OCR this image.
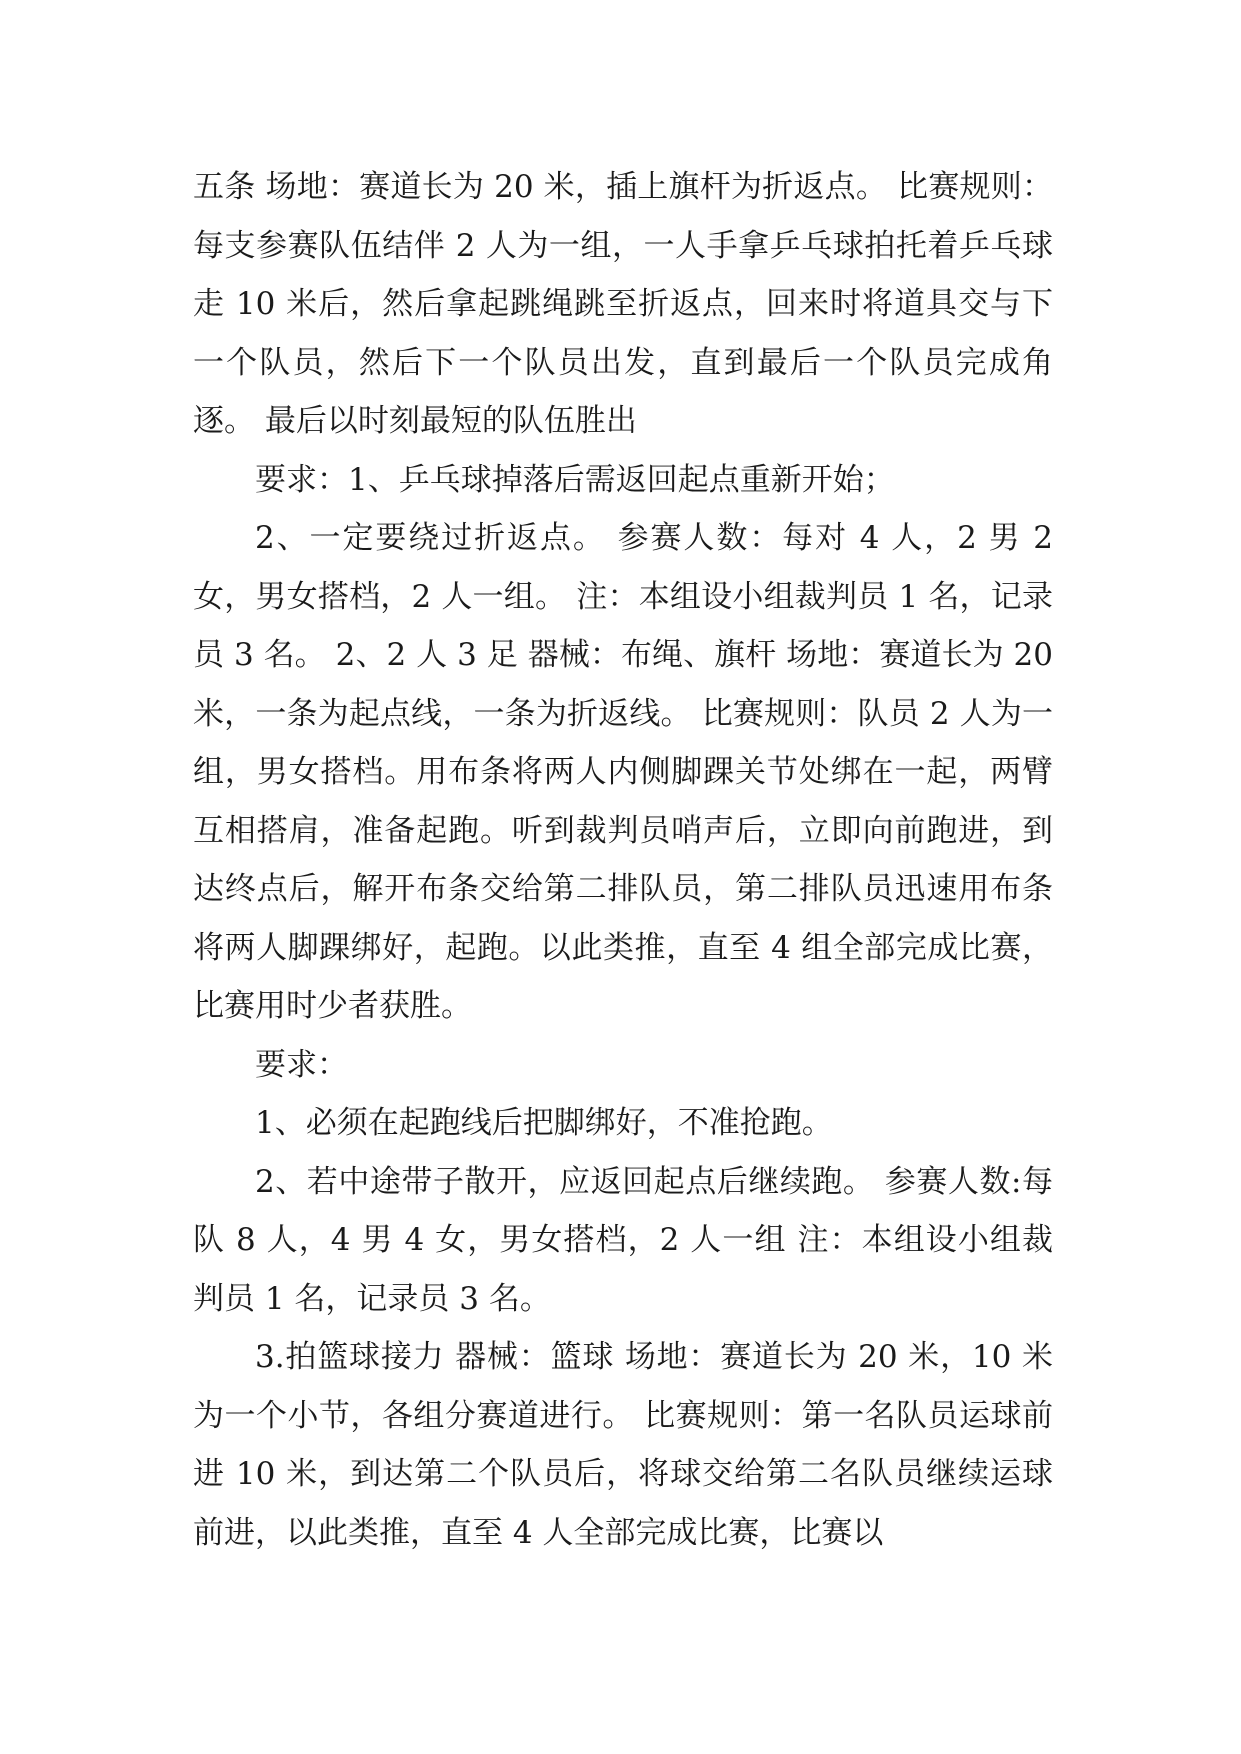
五条 场地：赛道长为 20 米，插上旗杆为折返点。 比赛规则：每支参赛队伍结伴 2 人为一组，一人手拿乒乓球拍托着乒乓球走 10 米后，然后拿起跳绳跳至折返点，回来时将道具交与下一个队员，然后下一个队员出发，直到最后一个队员完成角逐。 最后以时刻最短的队伍胜出

要求：1、乒乓球掉落后需返回起点重新开始；

2、一定要绕过折返点。 参赛人数：每对 4 人，2 男 2 女，男女搭档，2 人一组。 注：本组设小组裁判员 1 名，记录员 3 名。 2、2 人 3 足 器械：布绳、旗杆 场地：赛道长为 20 米，一条为起点线，一条为折返线。 比赛规则：队员 2 人为一组，男女搭档。用布条将两人内侧脚踝关节处绑在一起，两臂互相搭肩，准备起跑。听到裁判员哨声后，立即向前跑进，到达终点后，解开布条交给第二排队员，第二排队员迅速用布条将两人脚踝绑好，起跑。以此类推，直至 4 组全部完成比赛，比赛用时少者获胜。

要求：

1、必须在起跑线后把脚绑好，不准抢跑。

2、若中途带子散开，应返回起点后继续跑。 参赛人数:每队 8 人，4 男 4 女，男女搭档，2 人一组 注：本组设小组裁判员 1 名，记录员 3 名。

3.拍篮球接力 器械：篮球 场地：赛道长为 20 米，10 米为一个小节，各组分赛道进行。 比赛规则：第一名队员运球前进 10 米，到达第二个队员后，将球交给第二名队员继续运球前进，以此类推，直至 4 人全部完成比赛，比赛以
